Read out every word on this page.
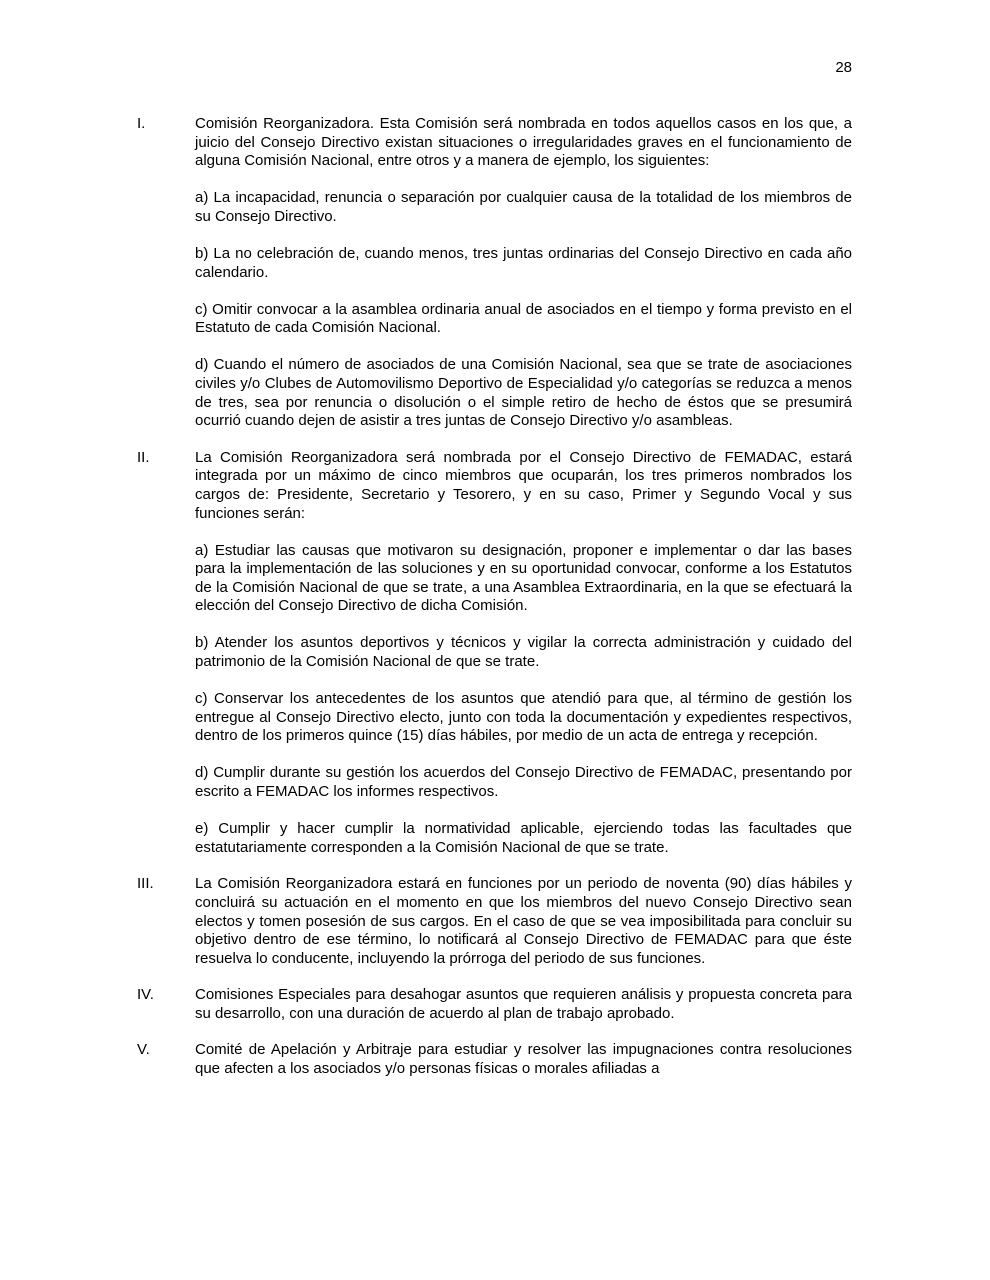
28
I.	Comisión Reorganizadora. Esta Comisión será nombrada en todos aquellos casos en los que, a juicio del Consejo Directivo existan situaciones o irregularidades graves en el funcionamiento de alguna Comisión Nacional, entre otros y a manera de ejemplo, los siguientes:

a) La incapacidad, renuncia o separación por cualquier causa de la totalidad de los miembros de su Consejo Directivo.

b) La no celebración de, cuando menos, tres juntas ordinarias del Consejo Directivo en cada año calendario.

c) Omitir convocar a la asamblea ordinaria anual de asociados en el tiempo y forma previsto en el Estatuto de cada Comisión Nacional.

d) Cuando el número de asociados de una Comisión Nacional, sea que se trate de asociaciones civiles y/o Clubes de Automovilismo Deportivo de Especialidad y/o categorías se reduzca a menos de tres, sea por renuncia o disolución o el simple retiro de hecho de éstos que se presumirá ocurrió cuando dejen de asistir a tres juntas de Consejo Directivo y/o asambleas.

II.	La Comisión Reorganizadora será nombrada por el Consejo Directivo de FEMADAC, estará integrada por un máximo de cinco miembros que ocuparán, los tres primeros nombrados los cargos de: Presidente, Secretario y Tesorero, y en su caso, Primer y Segundo Vocal y sus funciones serán:

a) Estudiar las causas que motivaron su designación, proponer e implementar o dar las bases para la implementación de las soluciones y en su oportunidad convocar, conforme a los Estatutos de la Comisión Nacional de que se trate, a una Asamblea Extraordinaria, en la que se efectuará la elección del Consejo Directivo de dicha Comisión.

b) Atender los asuntos deportivos y técnicos y vigilar la correcta administración y cuidado del patrimonio de la Comisión Nacional de que se trate.

c) Conservar los antecedentes de los asuntos que atendió para que, al término de gestión los entregue al Consejo Directivo electo, junto con toda la documentación y expedientes respectivos, dentro de los primeros quince (15) días hábiles, por medio de un acta de entrega y recepción.

d) Cumplir durante su gestión los acuerdos del Consejo Directivo de FEMADAC, presentando por escrito a FEMADAC los informes respectivos.

e) Cumplir y hacer cumplir la normatividad aplicable, ejerciendo todas las facultades que estatutariamente corresponden a la Comisión Nacional de que se trate.

III.	La Comisión Reorganizadora estará en funciones por un periodo de noventa (90) días hábiles y concluirá su actuación en el momento en que los miembros del nuevo Consejo Directivo sean electos y tomen posesión de sus cargos. En el caso de que se vea imposibilitada para concluir su objetivo dentro de ese término, lo notificará al Consejo Directivo de FEMADAC para que éste resuelva lo conducente, incluyendo la prórroga del periodo de sus funciones.

IV.	Comisiones Especiales para desahogar asuntos que requieren análisis y propuesta concreta para su desarrollo, con una duración de acuerdo al plan de trabajo aprobado.

V.	Comité de Apelación y Arbitraje para estudiar y resolver las impugnaciones contra resoluciones que afecten a los asociados y/o personas físicas o morales afiliadas a
